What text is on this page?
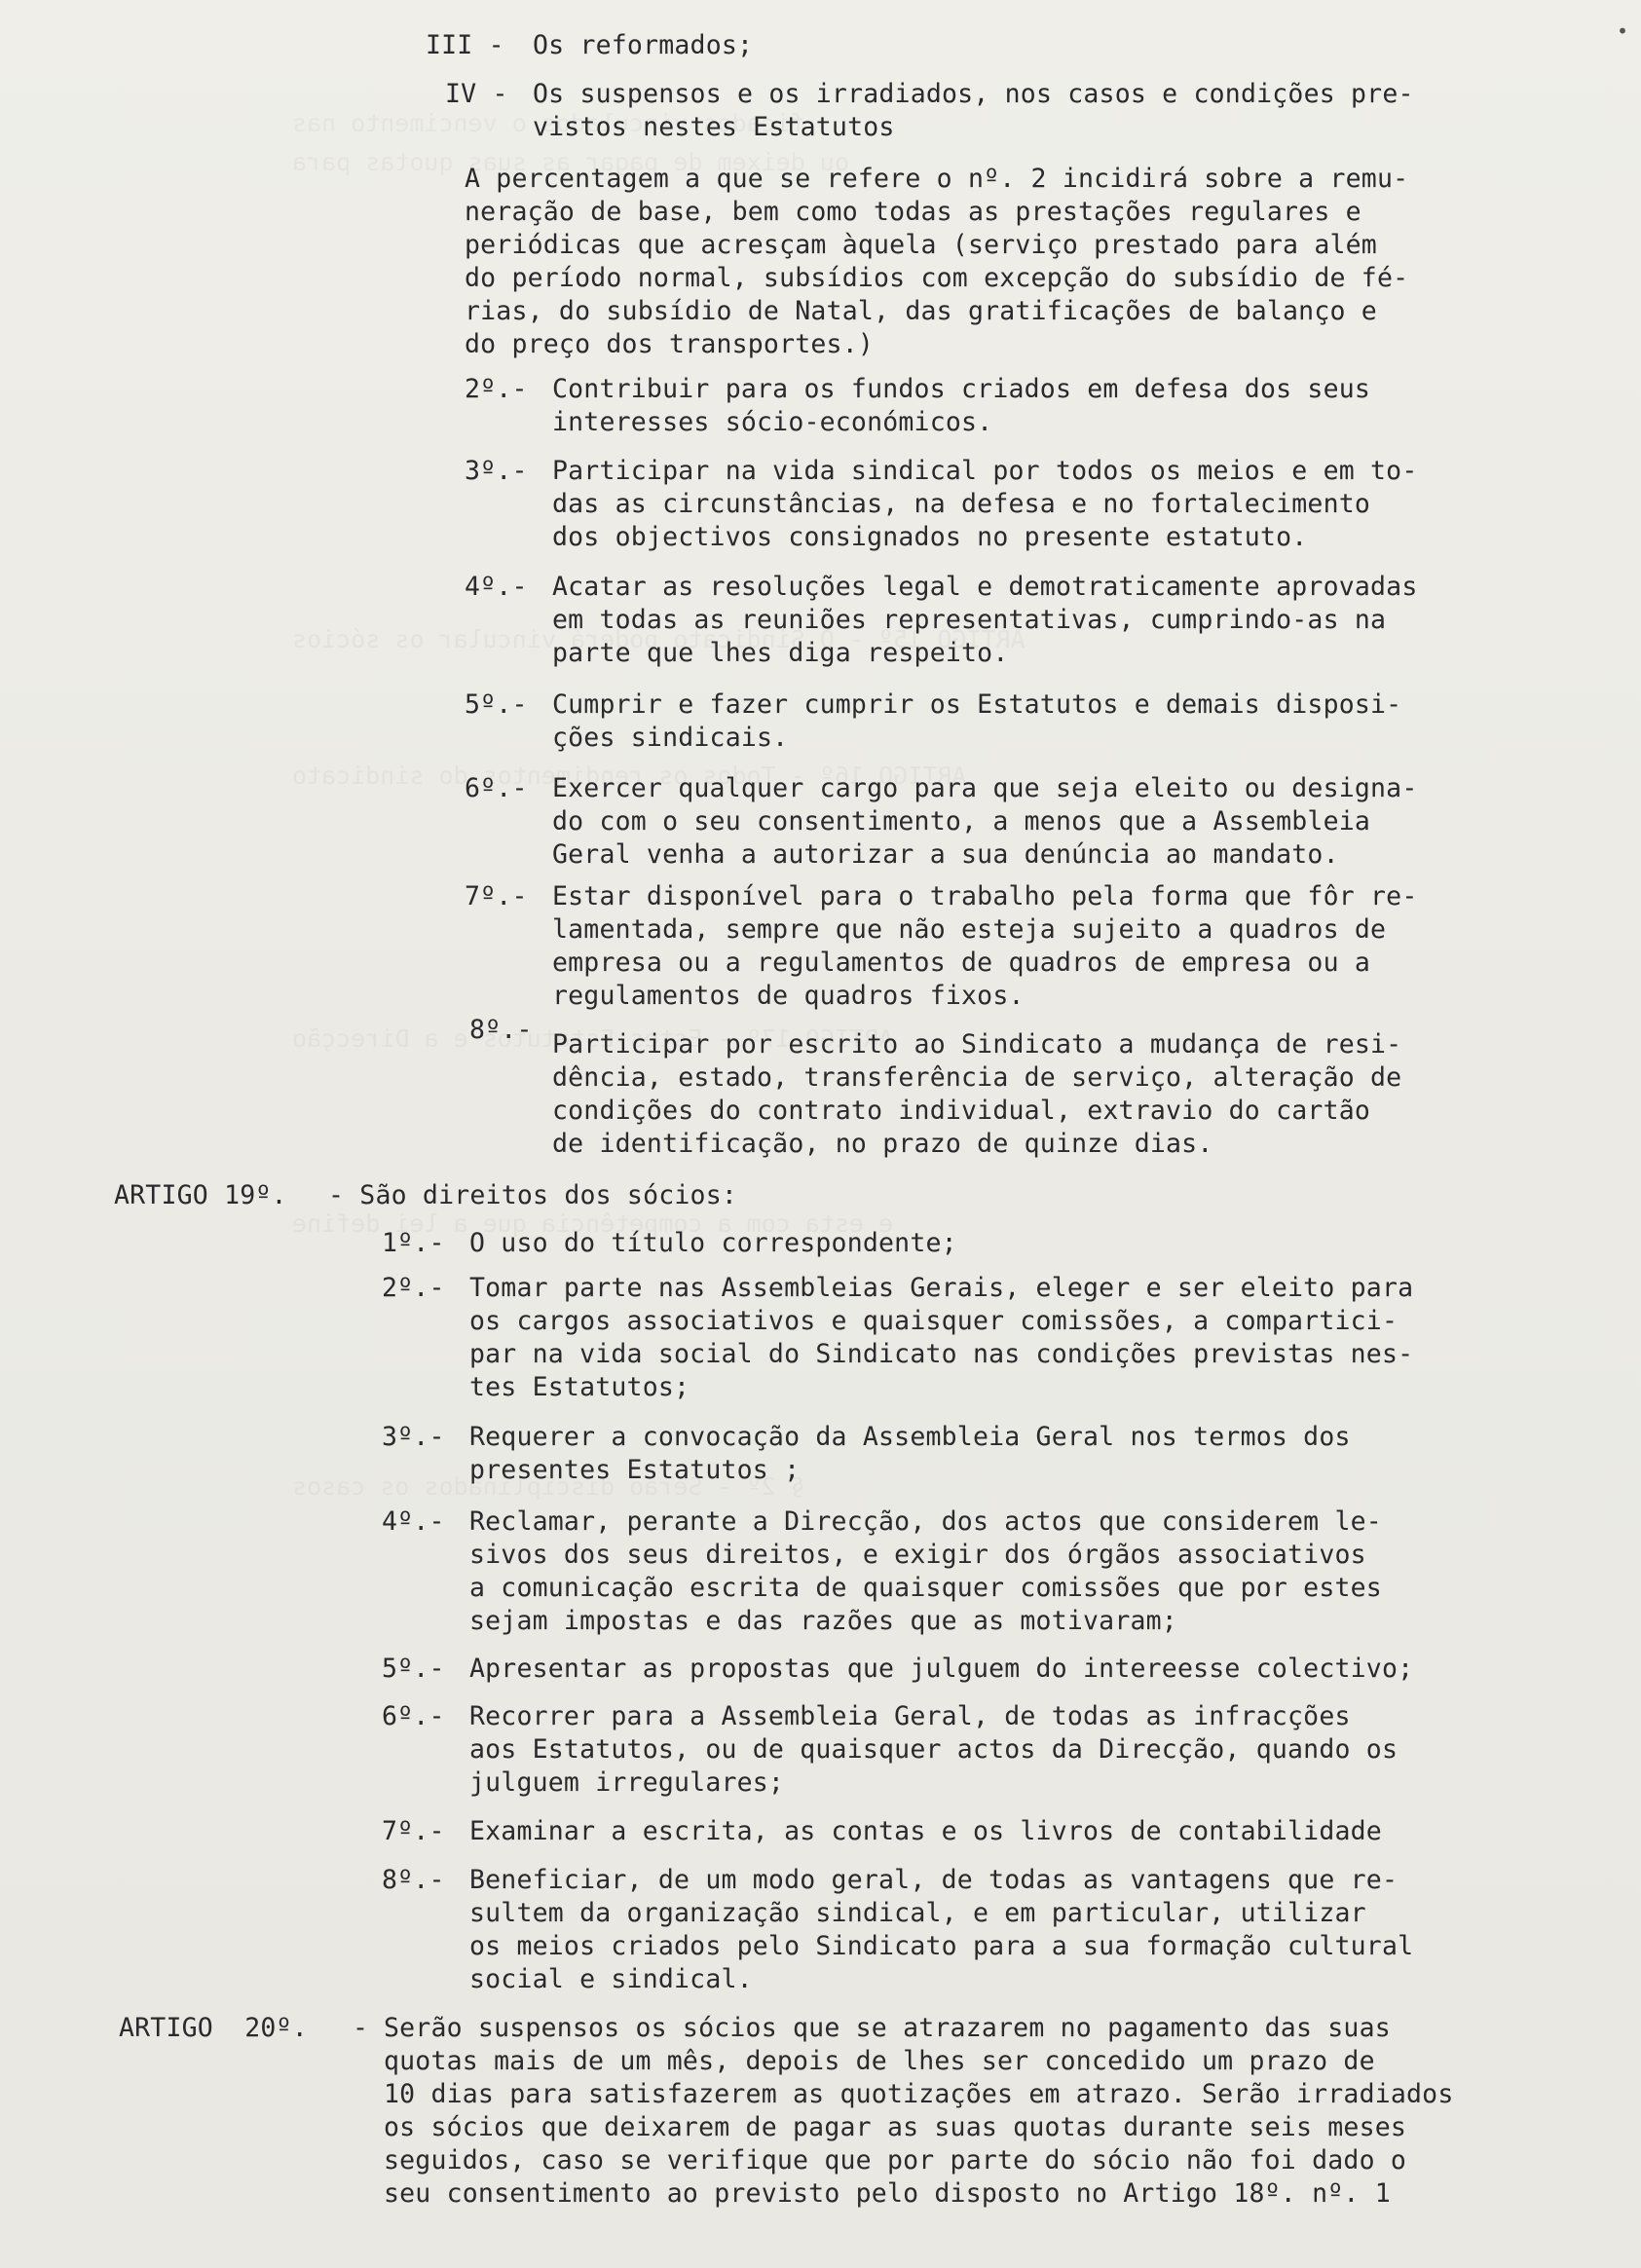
•
III - Os reformados;
IV - Os suspensos e os irradiados, nos casos e condições pre-
vistos nestes Estatutos
A percentagem a que se refere o nº. 2 incidirá sobre a remu-
neração de base, bem como todas as prestações regulares e
periódicas que acresçam àquela (serviço prestado para além
do período normal, subsídios com excepção do subsídio de fé-
rias, do subsídio de Natal, das gratificações de balanço e
do preço dos transportes.)
2º.- Contribuir para os fundos criados em defesa dos seus
interesses sócio-económicos.
3º.- Participar na vida sindical por todos os meios e em to-
das as circunstâncias, na defesa e no fortalecimento
dos objectivos consignados no presente estatuto.
4º.- Acatar as resoluções legal e demotraticamente aprovadas
em todas as reuniões representativas, cumprindo-as na
parte que lhes diga respeito.
5º.- Cumprir e fazer cumprir os Estatutos e demais disposi-
ções sindicais.
6º.- Exercer qualquer cargo para que seja eleito ou designa-
do com o seu consentimento, a menos que a Assembleia
Geral venha a autorizar a sua denúncia ao mandato.
7º.- Estar disponível para o trabalho pela forma que fôr re-
lamentada, sempre que não esteja sujeito a quadros de
empresa ou a regulamentos de quadros de empresa ou a
regulamentos de quadros fixos.
8º.- Participar por escrito ao Sindicato a mudança de resi-
dência, estado, transferência de serviço, alteração de
condições do contrato individual, extravio do cartão
de identificação, no prazo de quinze dias.
ARTIGO 19º. - São direitos dos sócios:
1º.- O uso do título correspondente;
2º.- Tomar parte nas Assembleias Gerais, eleger e ser eleito para
os cargos associativos e quaisquer comissões, a compartici-
par na vida social do Sindicato nas condições previstas nes-
tes Estatutos;
3º.- Requerer a convocação da Assembleia Geral nos termos dos
presentes Estatutos ;
4º.- Reclamar, perante a Direcção, dos actos que considerem le-
sivos dos seus direitos, e exigir dos órgãos associativos
a comunicação escrita de quaisquer comissões que por estes
sejam impostas e das razões que as motivaram;
5º.- Apresentar as propostas que julguem do intereesse colectivo;
6º.- Recorrer para a Assembleia Geral, de todas as infracções
aos Estatutos, ou de quaisquer actos da Direcção, quando os
julguem irregulares;
7º.- Examinar a escrita, as contas e os livros de contabilidade
8º.- Beneficiar, de um modo geral, de todas as vantagens que re-
sultem da organização sindical, e em particular, utilizar
os meios criados pelo Sindicato para a sua formação cultural
social e sindical.
ARTIGO  20º. - Serão suspensos os sócios que se atrazarem no pagamento das suas
quotas mais de um mês, depois de lhes ser concedido um prazo de
10 dias para satisfazerem as quotizações em atrazo. Serão irradiados
os sócios que deixarem de pagar as suas quotas durante seis meses
seguidos, caso se verifique que por parte do sócio não foi dado o
seu consentimento ao previsto pelo disposto no Artigo 18º. nº. 1
